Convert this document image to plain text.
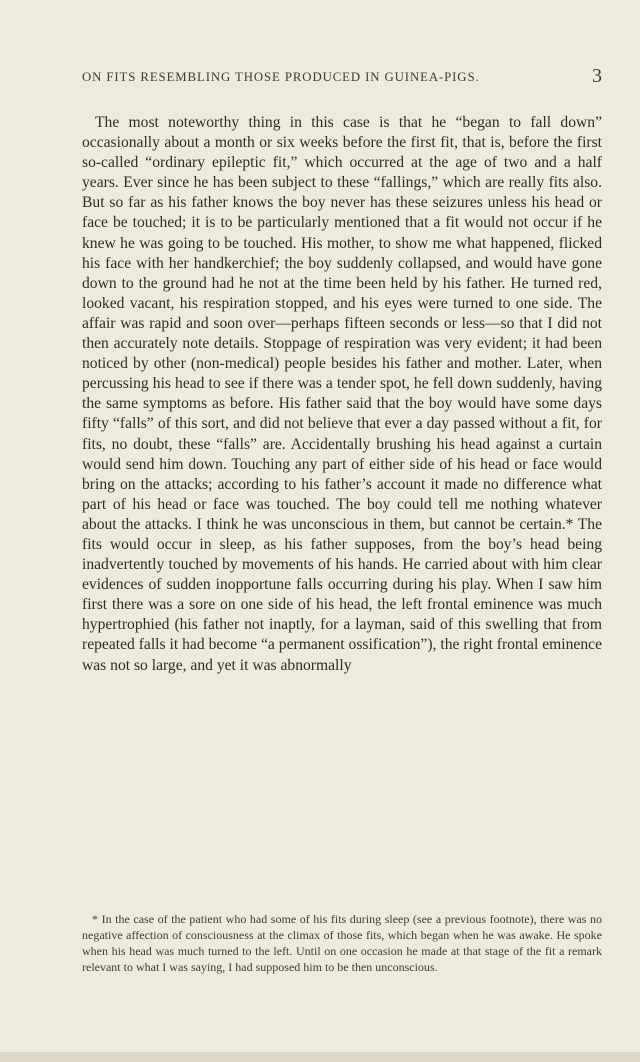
ON FITS RESEMBLING THOSE PRODUCED IN GUINEA-PIGS.	3

The most noteworthy thing in this case is that he “began to fall down” occasionally about a month or six weeks before the first fit, that is, before the first so-called “ordinary epileptic fit,” which occurred at the age of two and a half years. Ever since he has been subject to these “fallings,” which are really fits also. But so far as his father knows the boy never has these seizures unless his head or face be touched; it is to be particularly mentioned that a fit would not occur if he knew he was going to be touched. His mother, to show me what happened, flicked his face with her handkerchief; the boy suddenly collapsed, and would have gone down to the ground had he not at the time been held by his father. He turned red, looked vacant, his respiration stopped, and his eyes were turned to one side. The affair was rapid and soon over—perhaps fifteen seconds or less—so that I did not then accurately note details. Stoppage of respiration was very evident; it had been noticed by other (non-medical) people besides his father and mother. Later, when percussing his head to see if there was a tender spot, he fell down suddenly, having the same symptoms as before. His father said that the boy would have some days fifty “falls” of this sort, and did not believe that ever a day passed without a fit, for fits, no doubt, these “falls” are. Accidentally brushing his head against a curtain would send him down. Touching any part of either side of his head or face would bring on the attacks; according to his father’s account it made no difference what part of his head or face was touched. The boy could tell me nothing whatever about the attacks. I think he was unconscious in them, but cannot be certain.* The fits would occur in sleep, as his father supposes, from the boy’s head being inadvertently touched by movements of his hands. He carried about with him clear evidences of sudden inopportune falls occurring during his play. When I saw him first there was a sore on one side of his head, the left frontal eminence was much hypertrophied (his father not inaptly, for a layman, said of this swelling that from repeated falls it had become “a permanent ossification”), the right frontal eminence was not so large, and yet it was abnormally

* In the case of the patient who had some of his fits during sleep (see a previous footnote), there was no negative affection of consciousness at the climax of those fits, which began when he was awake. He spoke when his head was much turned to the left. Until on one occasion he made at that stage of the fit a remark relevant to what I was saying, I had supposed him to be then unconscious.
